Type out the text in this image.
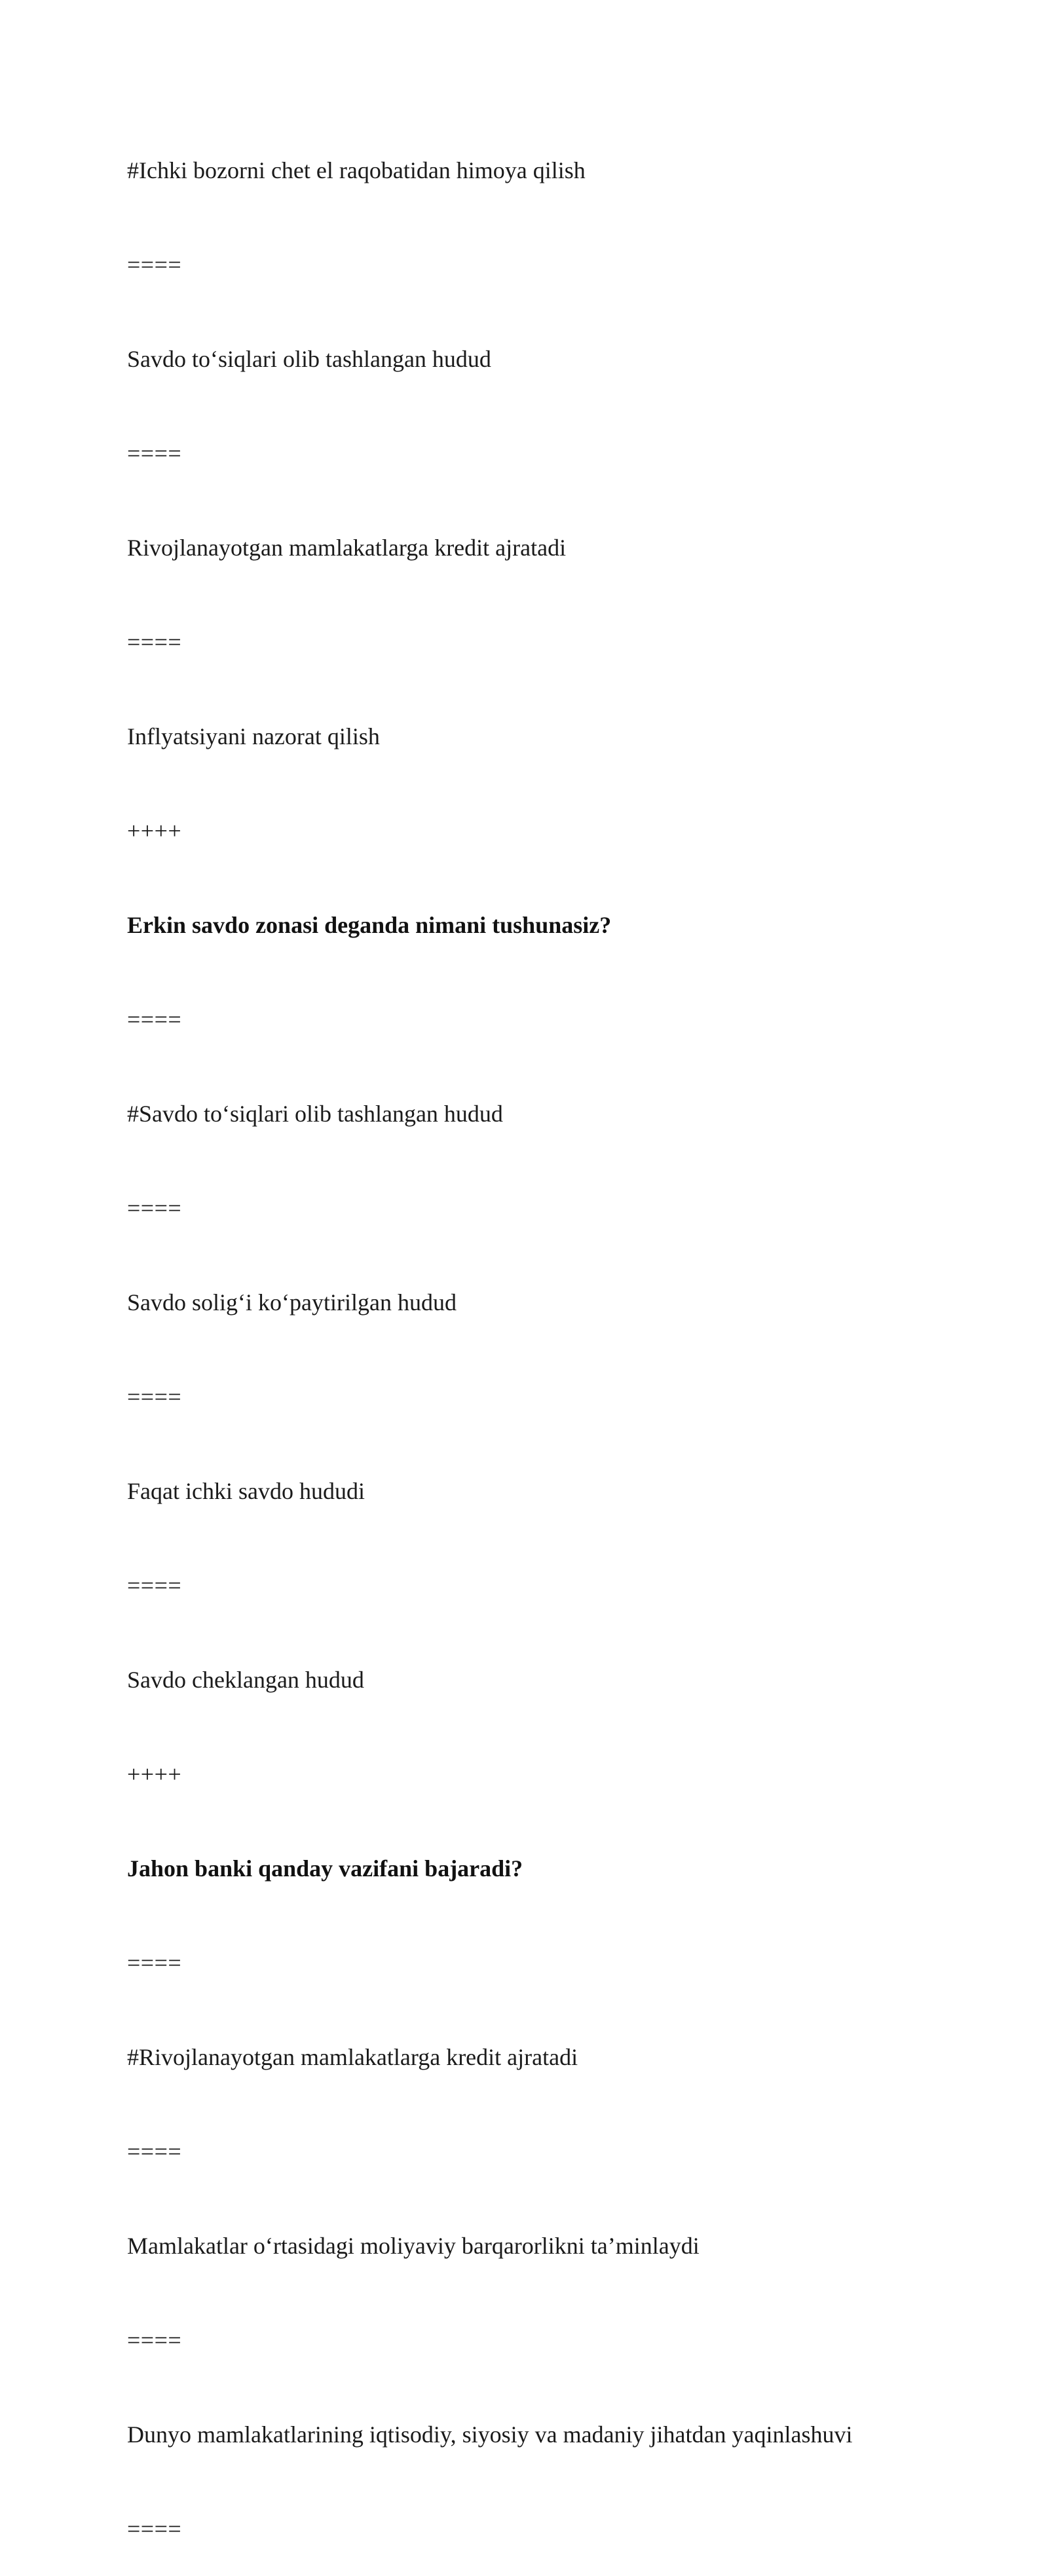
#Ichki bozorni chet el raqobatidan himoya qilish

====

Savdo to‘siqlari olib tashlangan hudud

====

Rivojlanayotgan mamlakatlarga kredit ajratadi

====

Inflyatsiyani nazorat qilish

++++

Erkin savdo zonasi deganda nimani tushunasiz?

====

#Savdo to‘siqlari olib tashlangan hudud

====

Savdo solig‘i ko‘paytirilgan hudud

====

Faqat ichki savdo hududi

====

Savdo cheklangan hudud

++++

Jahon banki qanday vazifani bajaradi?

====

#Rivojlanayotgan mamlakatlarga kredit ajratadi

====

Mamlakatlar o‘rtasidagi moliyaviy barqarorlikni ta’minlaydi

====

Dunyo mamlakatlarining iqtisodiy, siyosiy va madaniy jihatdan yaqinlashuvi

====
